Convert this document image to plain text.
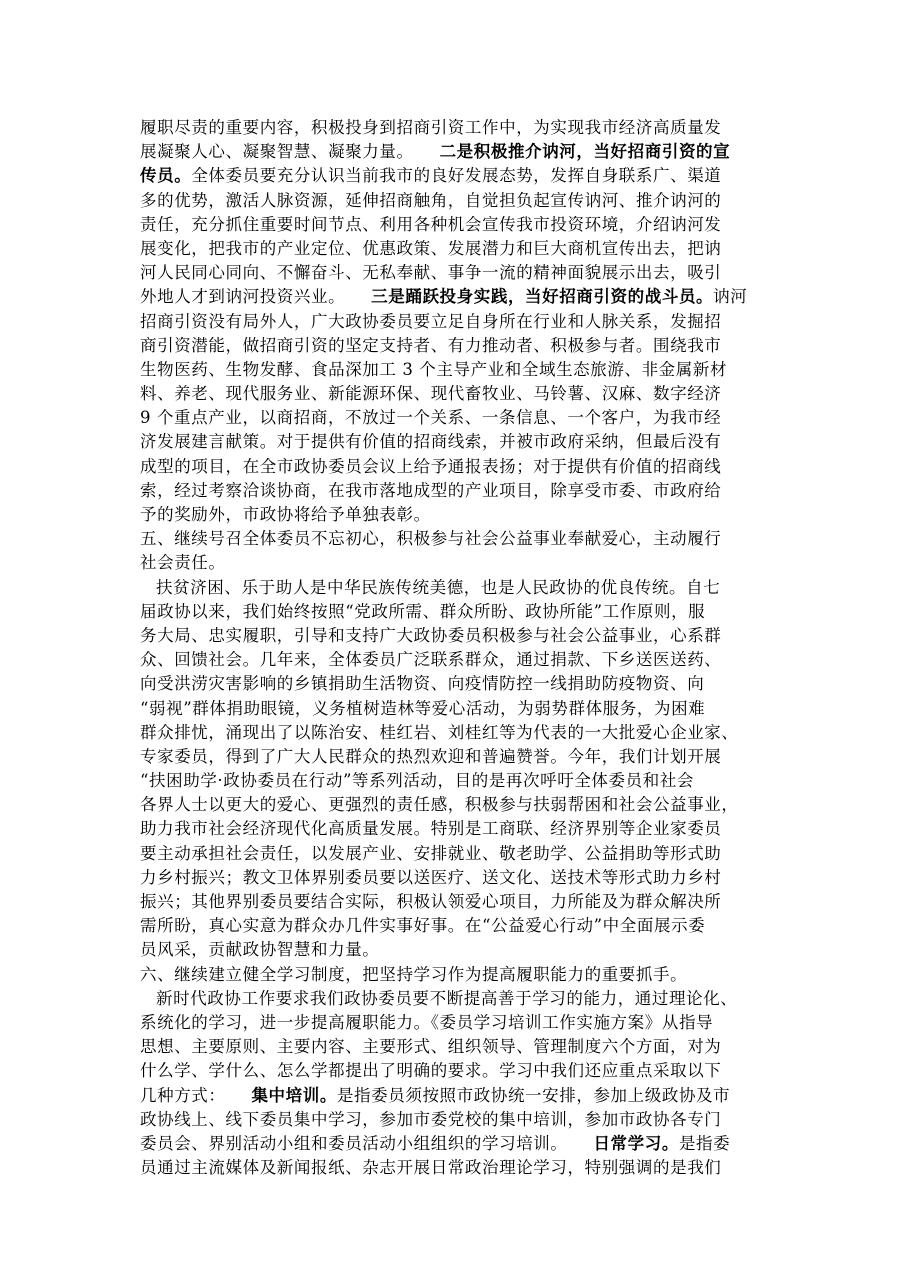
履职尽责的重要内容，积极投身到招商引资工作中，为实现我市经济高质量发
展凝聚人心、凝聚智慧、凝聚力量。　　二是积极推介讷河，当好招商引资的宣
传员。全体委员要充分认识当前我市的良好发展态势，发挥自身联系广、渠道
多的优势，激活人脉资源，延伸招商触角，自觉担负起宣传讷河、推介讷河的
责任，充分抓住重要时间节点、利用各种机会宣传我市投资环境，介绍讷河发
展变化，把我市的产业定位、优惠政策、发展潜力和巨大商机宣传出去，把讷
河人民同心同向、不懈奋斗、无私奉献、事争一流的精神面貌展示出去，吸引
外地人才到讷河投资兴业。　　三是踊跃投身实践，当好招商引资的战斗员。讷河
招商引资没有局外人，广大政协委员要立足自身所在行业和人脉关系，发掘招
商引资潜能，做招商引资的坚定支持者、有力推动者、积极参与者。围绕我市
生物医药、生物发酵、食品深加工 3 个主导产业和全域生态旅游、非金属新材
料、养老、现代服务业、新能源环保、现代畜牧业、马铃薯、汉麻、数字经济
9 个重点产业，以商招商，不放过一个关系、一条信息、一个客户，为我市经
济发展建言献策。对于提供有价值的招商线索，并被市政府采纳，但最后没有
成型的项目，在全市政协委员会议上给予通报表扬；对于提供有价值的招商线
索，经过考察洽谈协商，在我市落地成型的产业项目，除享受市委、市政府给
予的奖励外，市政协将给予单独表彰。
五、继续号召全体委员不忘初心，积极参与社会公益事业奉献爱心，主动履行
社会责任。
扶贫济困、乐于助人是中华民族传统美德，也是人民政协的优良传统。自七
届政协以来，我们始终按照“党政所需、群众所盼、政协所能”工作原则，服
务大局、忠实履职，引导和支持广大政协委员积极参与社会公益事业，心系群
众、回馈社会。几年来，全体委员广泛联系群众，通过捐款、下乡送医送药、
向受洪涝灾害影响的乡镇捐助生活物资、向疫情防控一线捐助防疫物资、向
“弱视”群体捐助眼镜，义务植树造林等爱心活动，为弱势群体服务，为困难
群众排忧，涌现出了以陈治安、桂红岩、刘桂红等为代表的一大批爱心企业家、
专家委员，得到了广大人民群众的热烈欢迎和普遍赞誉。今年，我们计划开展
“扶困助学·政协委员在行动”等系列活动，目的是再次呼吁全体委员和社会
各界人士以更大的爱心、更强烈的责任感，积极参与扶弱帮困和社会公益事业，
助力我市社会经济现代化高质量发展。特别是工商联、经济界别等企业家委员
要主动承担社会责任，以发展产业、安排就业、敬老助学、公益捐助等形式助
力乡村振兴；教文卫体界别委员要以送医疗、送文化、送技术等形式助力乡村
振兴；其他界别委员要结合实际，积极认领爱心项目，力所能及为群众解决所
需所盼，真心实意为群众办几件实事好事。在“公益爱心行动”中全面展示委
员风采，贡献政协智慧和力量。
六、继续建立健全学习制度，把坚持学习作为提高履职能力的重要抓手。
新时代政协工作要求我们政协委员要不断提高善于学习的能力，通过理论化、
系统化的学习，进一步提高履职能力。《委员学习培训工作实施方案》从指导
思想、主要原则、主要内容、主要形式、组织领导、管理制度六个方面，对为
什么学、学什么、怎么学都提出了明确的要求。学习中我们还应重点采取以下
几种方式：　　集中培训。是指委员须按照市政协统一安排，参加上级政协及市
政协线上、线下委员集中学习，参加市委党校的集中培训，参加市政协各专门
委员会、界别活动小组和委员活动小组组织的学习培训。　　日常学习。是指委
员通过主流媒体及新闻报纸、杂志开展日常政治理论学习，特别强调的是我们
